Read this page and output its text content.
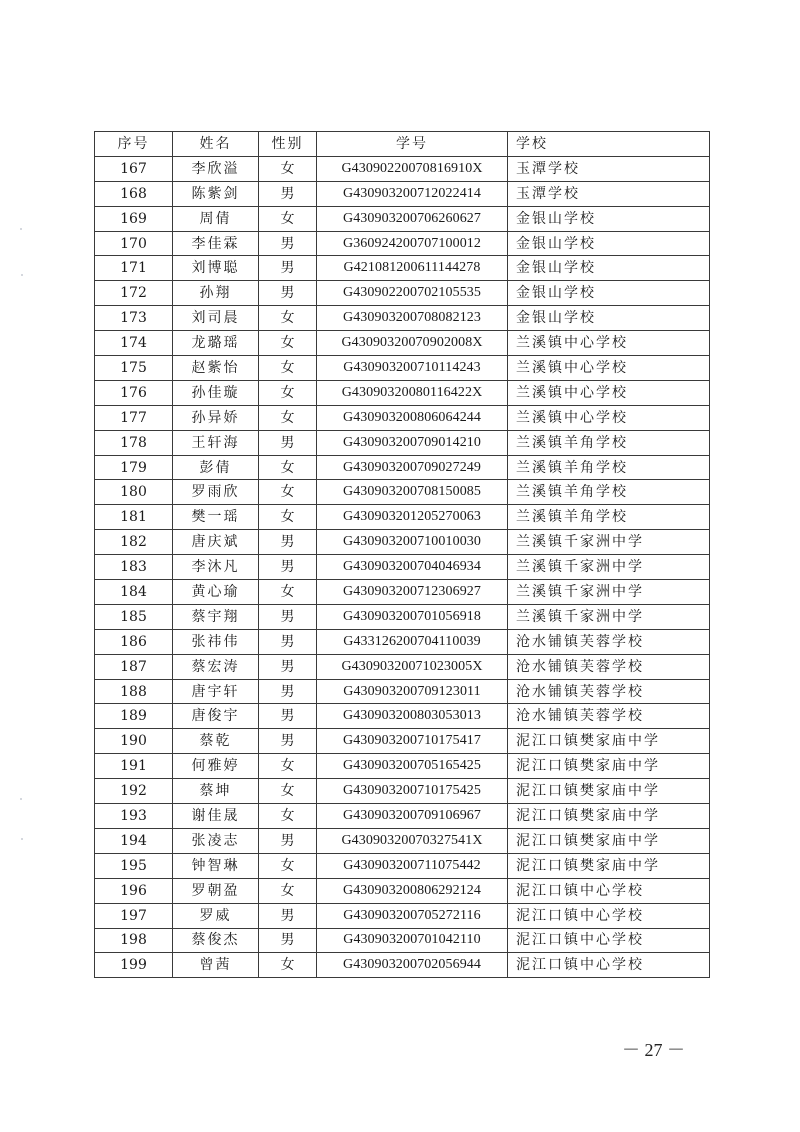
序号	姓名	性别	学号	学校
167	李欣溢	女	G43090220070816910X	玉潭学校
168	陈紫剑	男	G430903200712022414	玉潭学校
169	周倩	女	G430903200706260627	金银山学校
170	李佳霖	男	G360924200707100012	金银山学校
171	刘博聪	男	G421081200611144278	金银山学校
172	孙翔	男	G430902200702105535	金银山学校
173	刘司晨	女	G430903200708082123	金银山学校
174	龙璐瑶	女	G43090320070902008X	兰溪镇中心学校
175	赵紫怡	女	G430903200710114243	兰溪镇中心学校
176	孙佳璇	女	G43090320080116422X	兰溪镇中心学校
177	孙异娇	女	G430903200806064244	兰溪镇中心学校
178	王轩海	男	G430903200709014210	兰溪镇羊角学校
179	彭倩	女	G430903200709027249	兰溪镇羊角学校
180	罗雨欣	女	G430903200708150085	兰溪镇羊角学校
181	樊一瑶	女	G430903201205270063	兰溪镇羊角学校
182	唐庆斌	男	G430903200710010030	兰溪镇千家洲中学
183	李沐凡	男	G430903200704046934	兰溪镇千家洲中学
184	黄心瑜	女	G430903200712306927	兰溪镇千家洲中学
185	蔡宇翔	男	G430903200701056918	兰溪镇千家洲中学
186	张祎伟	男	G433126200704110039	沧水铺镇芙蓉学校
187	蔡宏涛	男	G43090320071023005X	沧水铺镇芙蓉学校
188	唐宇轩	男	G430903200709123011	沧水铺镇芙蓉学校
189	唐俊宇	男	G430903200803053013	沧水铺镇芙蓉学校
190	蔡乾	男	G430903200710175417	泥江口镇樊家庙中学
191	何雅婷	女	G430903200705165425	泥江口镇樊家庙中学
192	蔡坤	女	G430903200710175425	泥江口镇樊家庙中学
193	谢佳晟	女	G430903200709106967	泥江口镇樊家庙中学
194	张凌志	男	G43090320070327541X	泥江口镇樊家庙中学
195	钟智琳	女	G430903200711075442	泥江口镇樊家庙中学
196	罗朝盈	女	G430903200806292124	泥江口镇中心学校
197	罗威	男	G430903200705272116	泥江口镇中心学校
198	蔡俊杰	男	G430903200701042110	泥江口镇中心学校
199	曾茜	女	G430903200702056944	泥江口镇中心学校
－ 27 －
